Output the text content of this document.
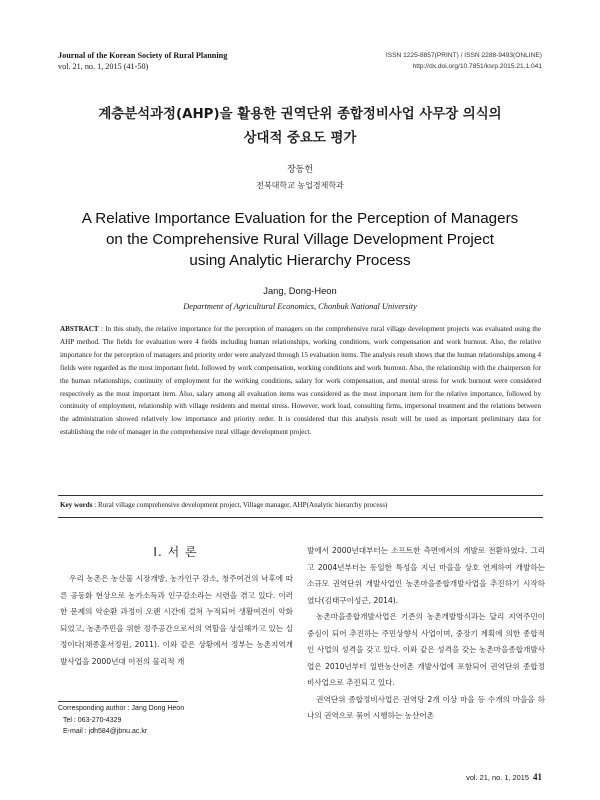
Journal of the Korean Society of Rural Planning
vol. 21, no. 1, 2015 (41-50)
ISSN 1225-8857(PRINT) / ISSN 2288-9493(ONLINE)
http://dx.doi.org/10.7851/ksrp.2015.21.1.041
계층분석과정(AHP)을 활용한 권역단위 종합정비사업 사무장 의식의
상대적 중요도 평가
장동헌
전북대학교 농업경제학과
A Relative Importance Evaluation for the Perception of Managers
on the Comprehensive Rural Village Development Project
using Analytic Hierarchy Process
Jang, Dong-Heon
Department of Agricultural Economics, Chonbuk National University
ABSTRACT : In this study, the relative importance for the perception of managers on the comprehensive rural village development projects was evaluated using the AHP method. The fields for evaluation were 4 fields including human relationships, working conditions, work compensation and work burnout. Also, the relative importance for the perception of managers and priority order were analyzed through 15 evaluation items. The analysis result shows that the human relationships among 4 fields were regarded as the most important field, followed by work compensation, working conditions and work burnout. Also, the relationship with the chairperson for the human relationships, continuity of employment for the working conditions, salary for work compensation, and mental stress for work burnout were considered respectively as the most important item. Also, salary among all evaluation items was considered as the most important item for the relative importance, followed by continuity of employment, relationship with village residents and mental stress. However, work load, consulting firms, impersonal treatment and the relations between the administration showed relatively low importance and priority order. It is considered that this analysis result will be used as important preliminary data for establishing the role of manager in the comprehensive rural village development project.
Key words : Rural village comprehensive development project, Village manager, AHP(Analytic hierarchy process)
Ⅰ. 서 론

우리 농촌은 농산물 시장개방, 농가인구 감소, 청주여건의 낙후에 따른 공동화 현상으로 농가소득과 인구감소라는 시련을 겪고 있다. 이러한 문제의 악순환 과정이 오랜 시간에 걸쳐 누적되어 생활여건이 악화되었고, 농촌주민을 위한 정주공간으로서의 역할을 상실해가고 있는 실정이다(채종훈서정원, 2011). 이와 같은 상황에서 정부는 농촌지역개발사업을 2000년대 이전의 물리적 개

발에서 2000년대부터는 소프트한 측면에서의 개발로 전환하였다. 그리고 2004년부터는 동일한 특성을 지닌 마을을 상호 연계하여 개발하는 소규모 권역단위 개발사업인 농촌마을종합개발사업을 추진하기 시작하였다(김태구이성근, 2014).

농촌마을종합개발사업은 기존의 농촌개발방식과는 달리 지역주민이 중심이 되어 추진하는 주민상향식 사업이며, 중장기 계획에 의한 종합적인 사업의 성격을 갖고 있다. 이와 같은 성격을 갖는 농촌마을종합개발사업은 2010년부터 일반농산어촌 개발사업에 포함되어 권역단위 종합정비사업으로 추진되고 있다.

권역단위 종합정비사업은 권역당 2개 이상 마을 등 수개의 마을을 하나의 권역으로 묶어 시행하는 농산어촌

Corresponding author : Jang Dong Heon
Tel : 063-270-4329
E-mail : jdh584@jbnu.ac.kr
vol. 21, no. 1, 2015 41
